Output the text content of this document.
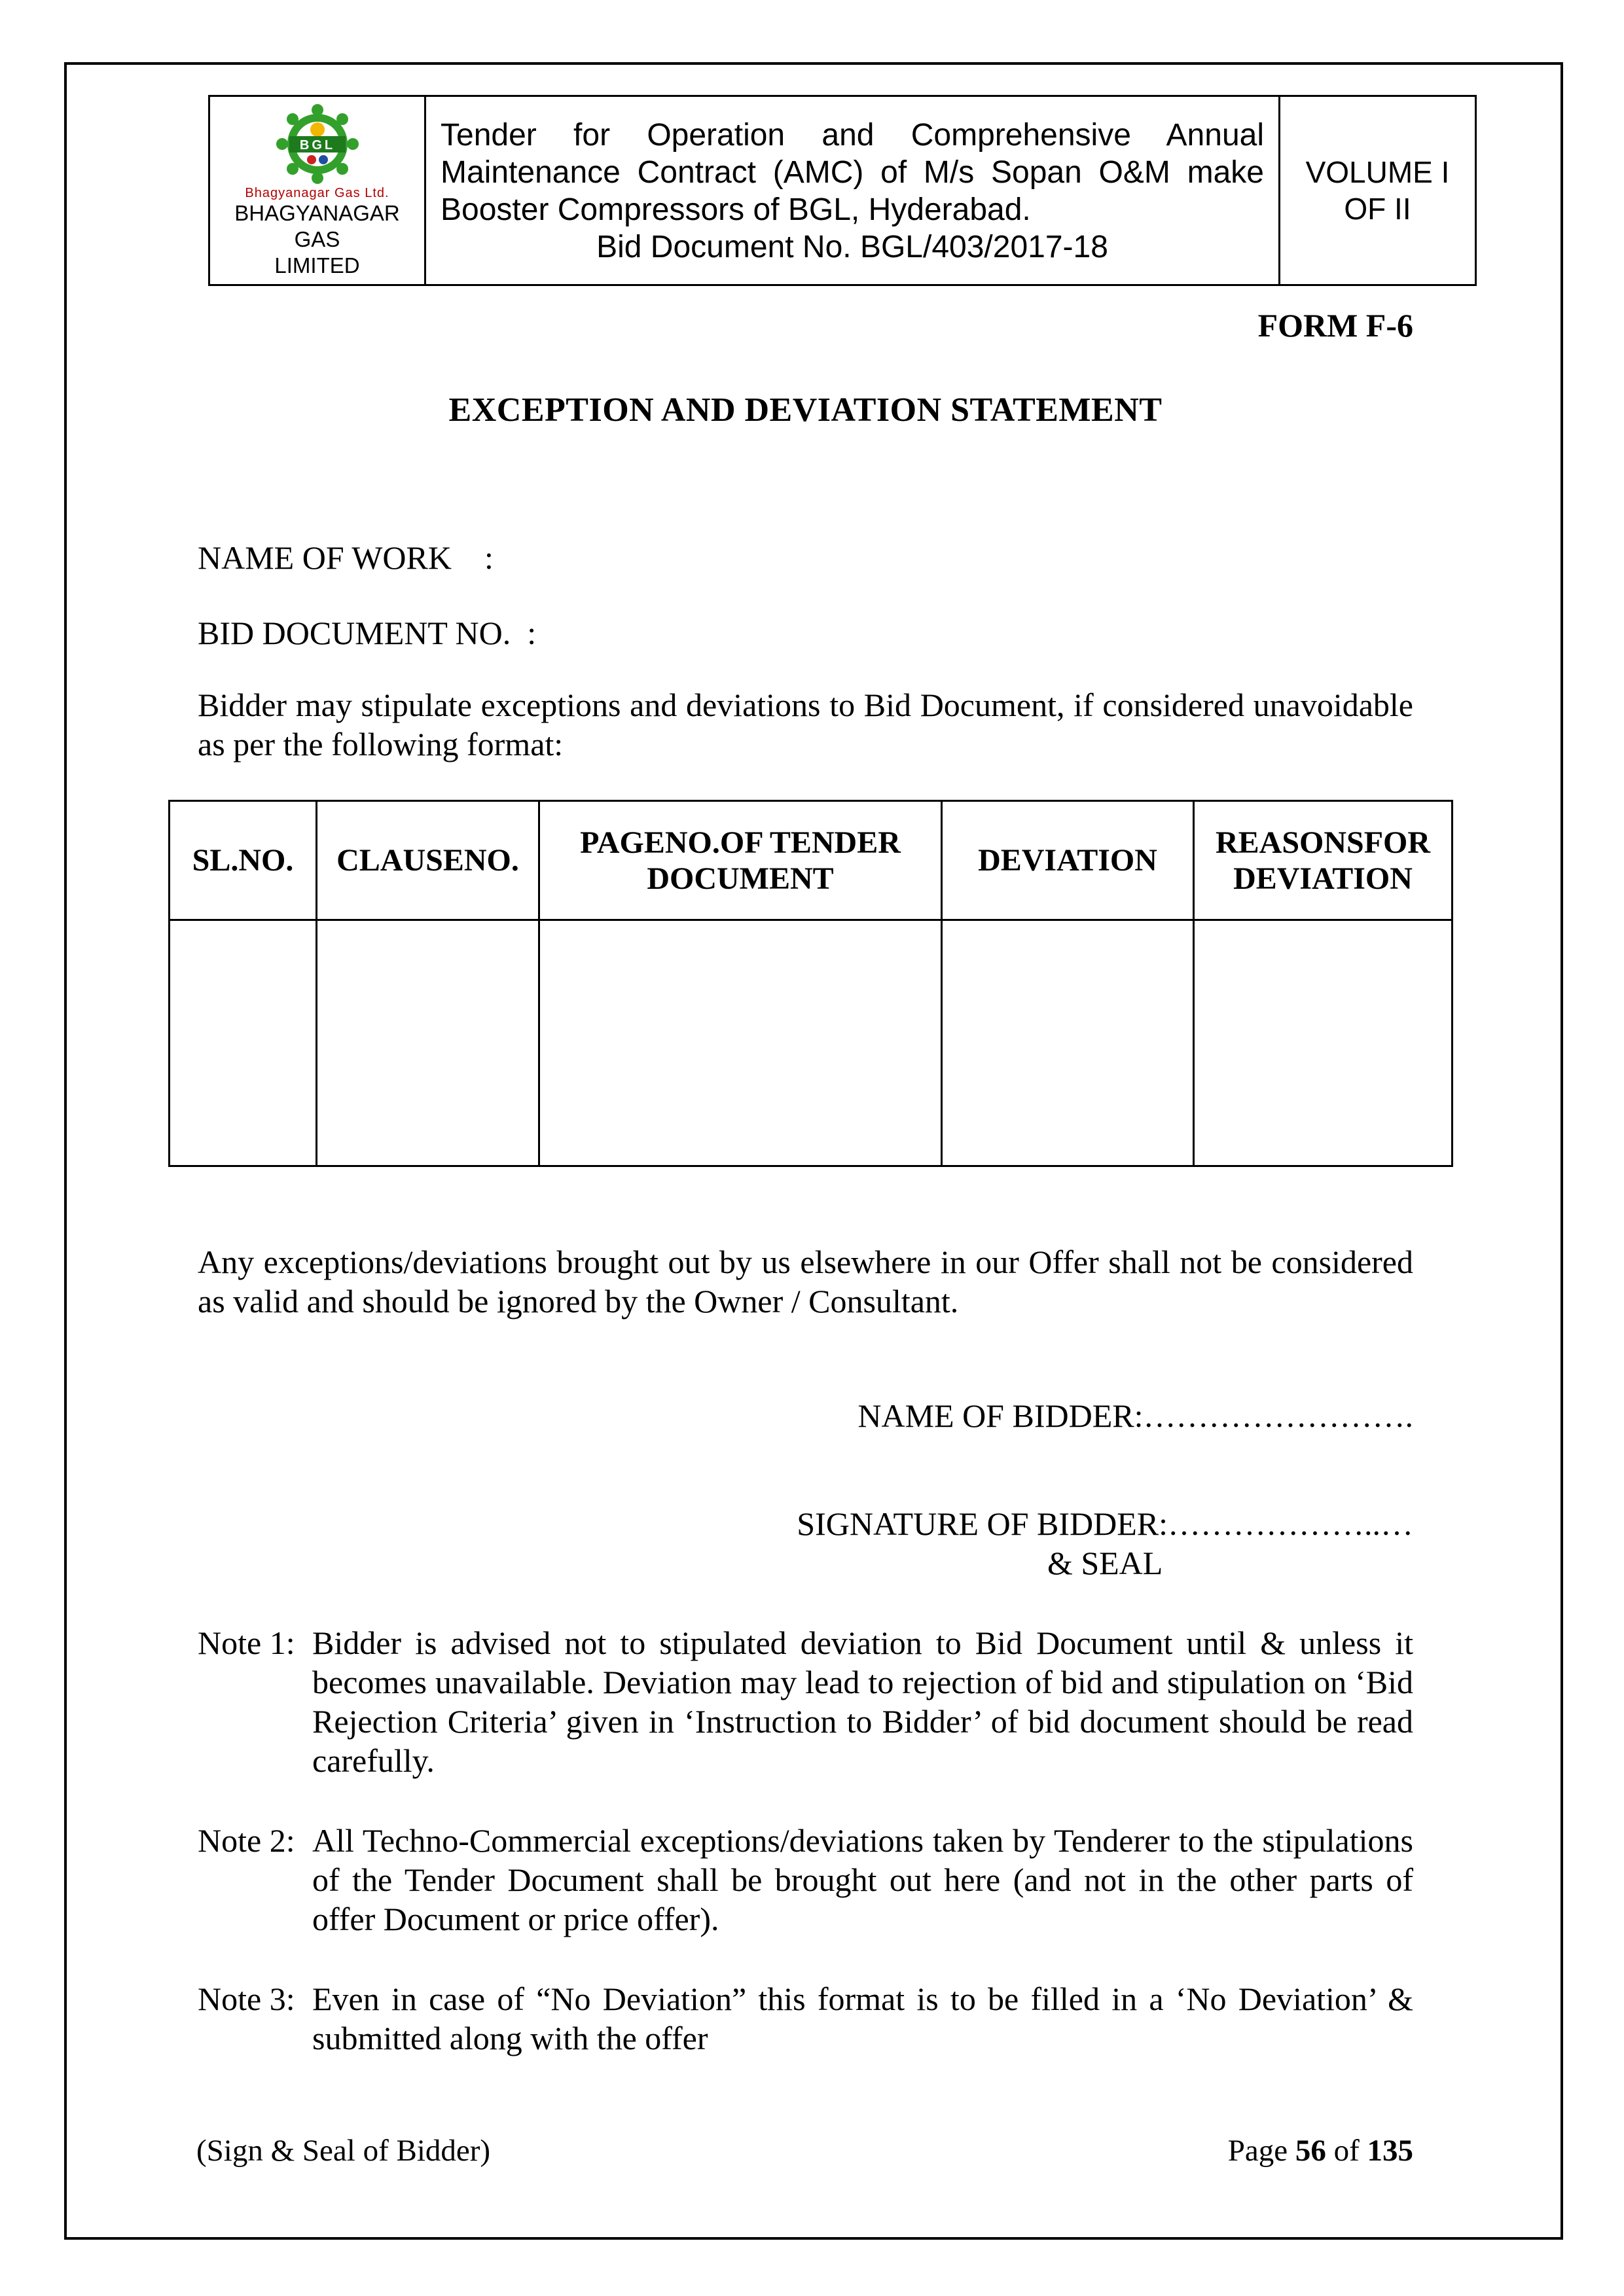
BGL
Bhagyanagar Gas Ltd.
BHAGYANAGAR GAS
LIMITED

Tender for Operation and Comprehensive Annual Maintenance Contract (AMC) of M/s Sopan O&M make Booster Compressors of BGL, Hyderabad.
Bid Document No. BGL/403/2017-18

VOLUME I
OF II
FORM F-6
EXCEPTION AND DEVIATION STATEMENT
NAME OF WORK    :
BID DOCUMENT NO.  :
Bidder may stipulate exceptions and deviations to Bid Document, if considered unavoidable as per the following format:
SL.NO.	CLAUSENO.	PAGENO.OF TENDER DOCUMENT	DEVIATION	REASONSFOR DEVIATION

Any exceptions/deviations brought out by us elsewhere in our Offer shall not be considered as valid and should be ignored by the Owner / Consultant.
NAME OF BIDDER:…………………….
SIGNATURE OF BIDDER:………………..…
& SEAL
Note 1: Bidder is advised not to stipulated deviation to Bid Document until & unless it becomes unavailable. Deviation may lead to rejection of bid and stipulation on ‘Bid Rejection Criteria’ given in ‘Instruction to Bidder’ of bid document should be read carefully.
Note 2: All Techno-Commercial exceptions/deviations taken by Tenderer to the stipulations of the Tender Document shall be brought out here (and not in the other parts of offer Document or price offer).
Note 3: Even in case of “No Deviation” this format is to be filled in a ‘No Deviation’ & submitted along with the offer
(Sign & Seal of Bidder)	Page 56 of 135
